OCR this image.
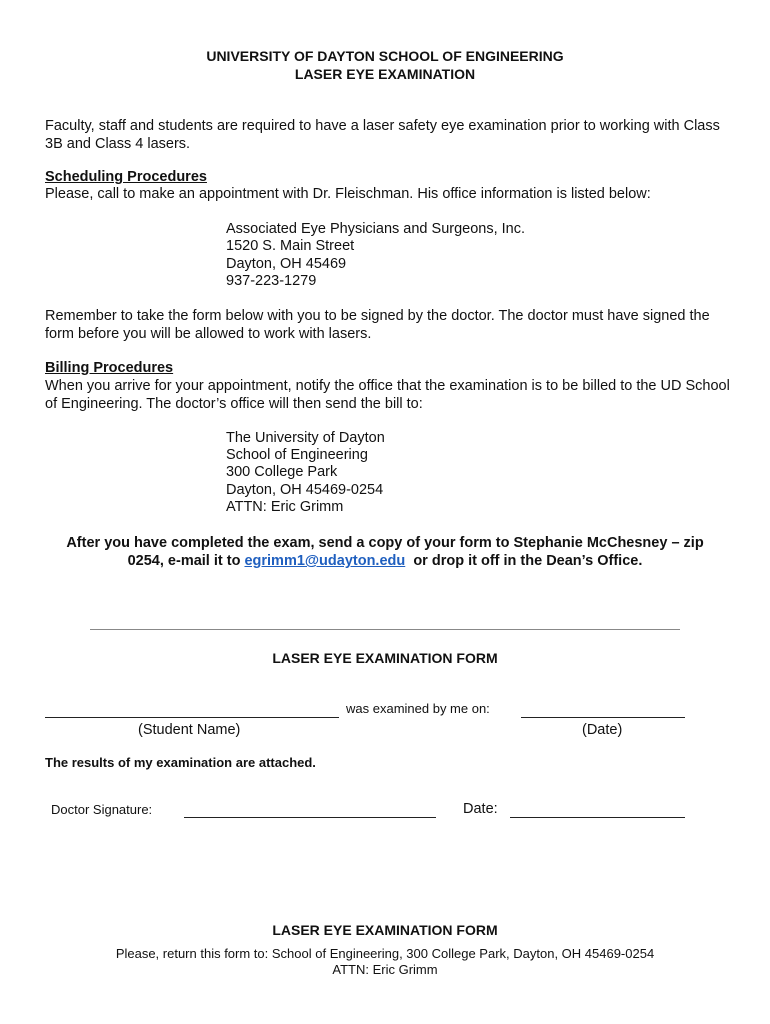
UNIVERSITY OF DAYTON SCHOOL OF ENGINEERING
LASER EYE EXAMINATION
Faculty, staff and students are required to have a laser safety eye examination prior to working with Class 3B and Class 4 lasers.
Scheduling Procedures
Please, call to make an appointment with Dr. Fleischman. His office information is listed below:
Associated Eye Physicians and Surgeons, Inc.
1520 S. Main Street
Dayton, OH 45469
937-223-1279
Remember to take the form below with you to be signed by the doctor. The doctor must have signed the form before you will be allowed to work with lasers.
Billing Procedures
When you arrive for your appointment, notify the office that the examination is to be billed to the UD School of Engineering. The doctor’s office will then send the bill to:
The University of Dayton
School of Engineering
300 College Park
Dayton, OH 45469-0254
ATTN: Eric Grimm
After you have completed the exam, send a copy of your form to Stephanie McChesney – zip
0254, e-mail it to egrimm1@udayton.edu or drop it off in the Dean’s Office.
LASER EYE EXAMINATION FORM
was examined by me on:
(Student Name)	(Date)
The results of my examination are attached.
Doctor Signature:	Date:
LASER EYE EXAMINATION FORM
Please, return this form to: School of Engineering, 300 College Park, Dayton, OH 45469-0254
ATTN: Eric Grimm
